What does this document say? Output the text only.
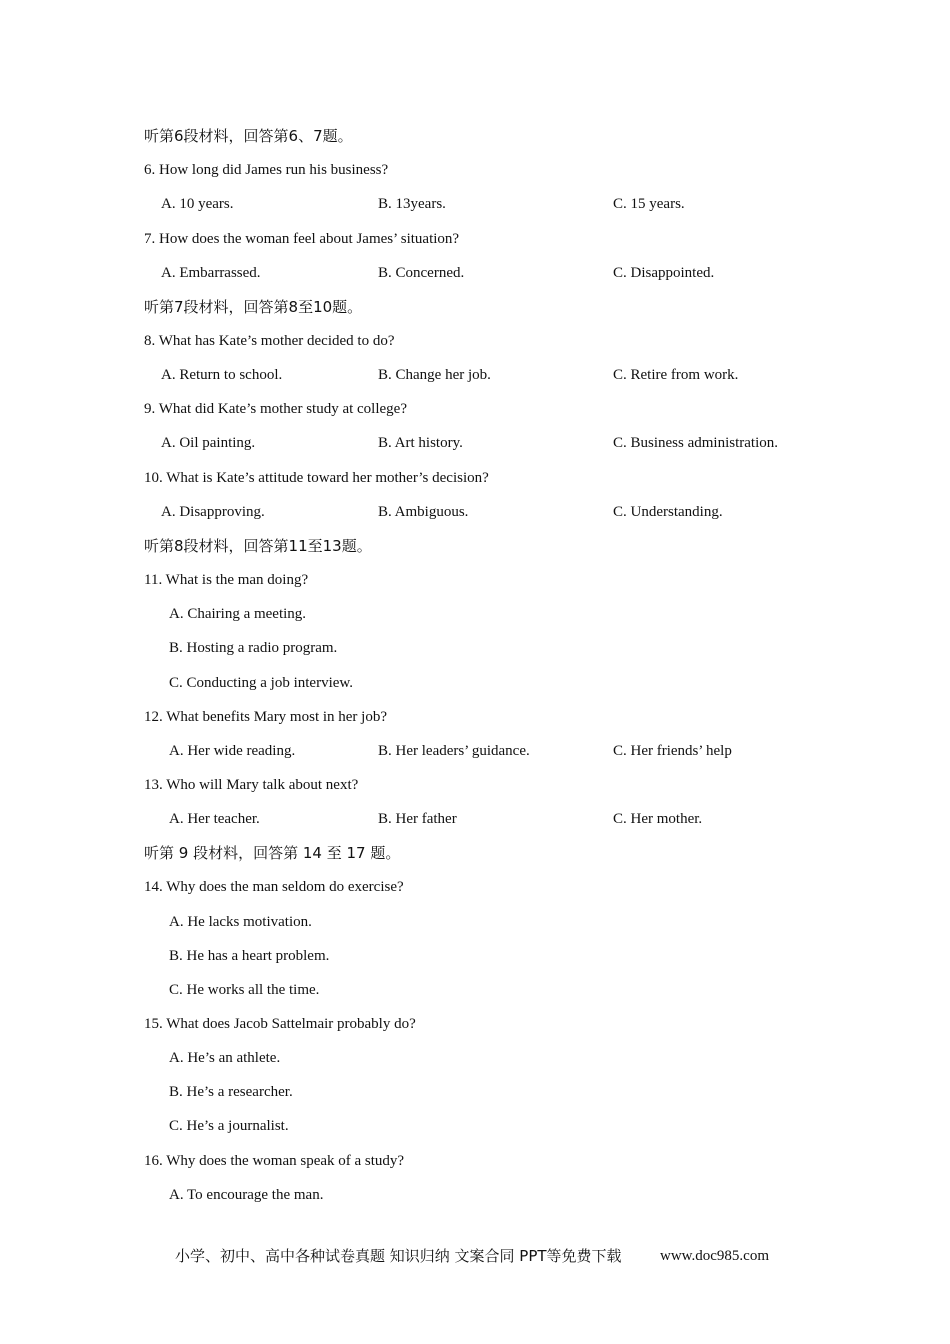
听第6段材料，回答第6、7题。
6. How long did James run his business?
A. 10 years.	B. 13years.	C. 15 years.
7. How does the woman feel about James’ situation?
A. Embarrassed.	B. Concerned.	C. Disappointed.
听第7段材料，回答第8至10题。
8. What has Kate’s mother decided to do?
A. Return to school.	B. Change her job.	C. Retire from work.
9. What did Kate’s mother study at college?
A. Oil painting.	B. Art history.	C. Business administration.
10. What is Kate’s attitude toward her mother’s decision?
A. Disapproving.	B. Ambiguous.	C. Understanding.
听第8段材料，回答第11至13题。
11. What is the man doing?
A. Chairing a meeting.
B. Hosting a radio program.
C. Conducting a job interview.
12. What benefits Mary most in her job?
A. Her wide reading.	B. Her leaders’ guidance.	C. Her friends’ help
13. Who will Mary talk about next?
A. Her teacher.	B. Her father	C. Her mother.
听第 9 段材料，回答第 14 至 17 题。
14. Why does the man seldom do exercise?
A. He lacks motivation.
B. He has a heart problem.
C. He works all the time.
15. What does Jacob Sattelmair probably do?
A. He’s an athlete.
B. He’s a researcher.
C. He’s a journalist.
16. Why does the woman speak of a study?
A. To encourage the man.
小学、初中、高中各种试卷真题 知识归纳 文案合同 PPT等免费下载	www.doc985.com
